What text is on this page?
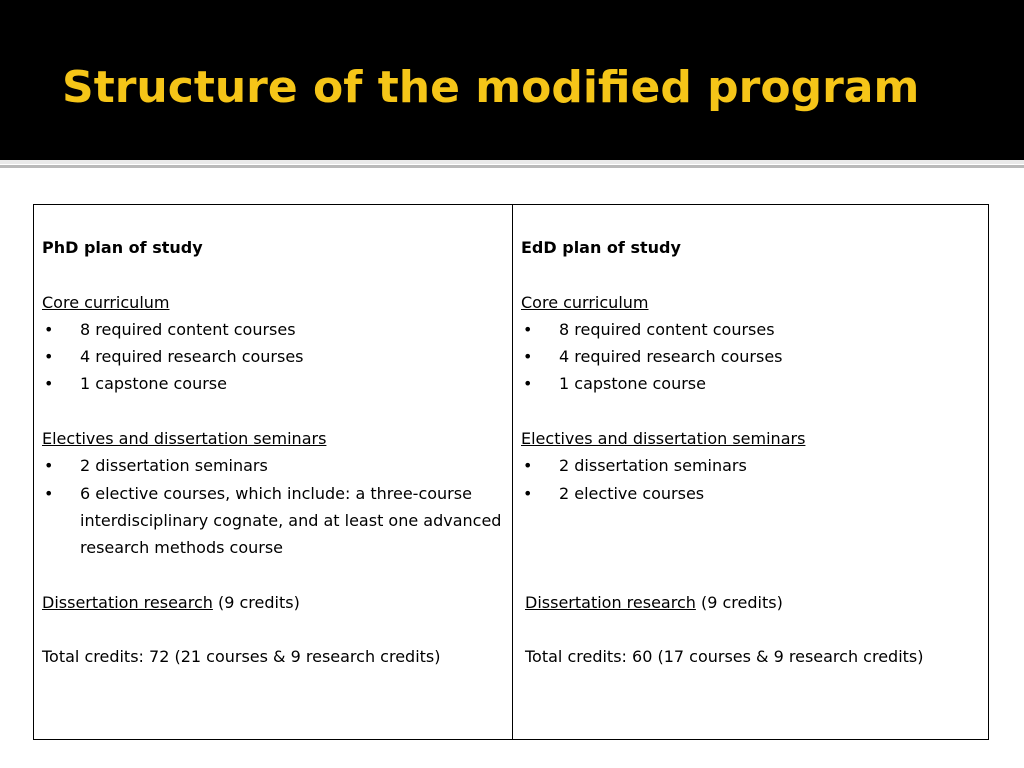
Structure of the modified program
PhD plan of study
Core curriculum
•	8 required content courses
•	4 required research courses
•	1 capstone course
Electives and dissertation seminars
•	2 dissertation seminars
•	6 elective courses, which include: a three-course interdisciplinary cognate, and at least one advanced research methods course
Dissertation research (9 credits)
Total credits: 72 (21 courses & 9 research credits)
EdD plan of study
Core curriculum
•	8 required content courses
•	4 required research courses
•	1 capstone course
Electives and dissertation seminars
•	2 dissertation seminars
•	2 elective courses
Dissertation research (9 credits)
Total credits: 60 (17 courses & 9 research credits)
